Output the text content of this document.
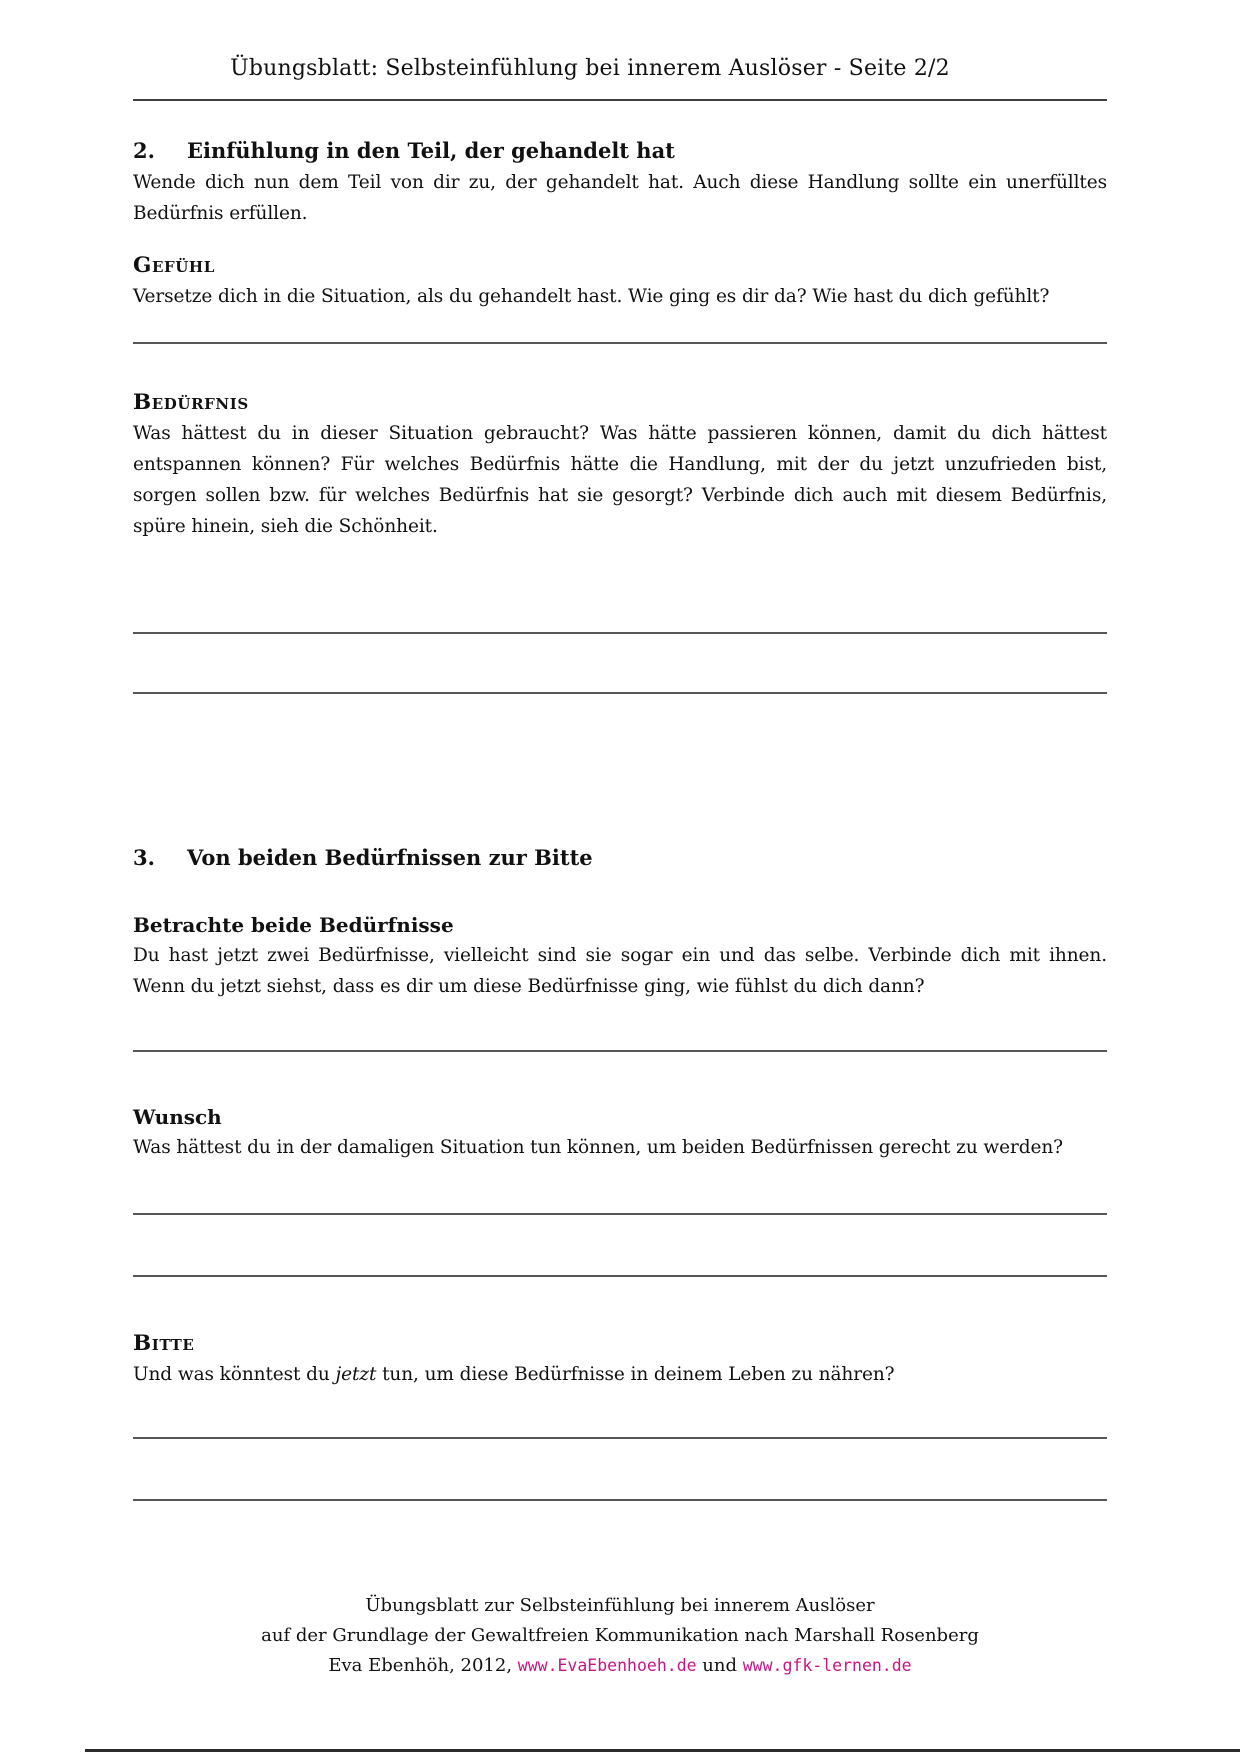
Übungsblatt: Selbsteinfühlung bei innerem Auslöser - Seite 2/2
2.	Einfühlung in den Teil, der gehandelt hat

Wende dich nun dem Teil von dir zu, der gehandelt hat. Auch diese Handlung sollte ein unerfülltes Bedürfnis erfüllen.

Gefühl

Versetze dich in die Situation, als du gehandelt hast. Wie ging es dir da? Wie hast du dich gefühlt?

Bedürfnis

Was hättest du in dieser Situation gebraucht? Was hätte passieren können, damit du dich hättest entspannen können? Für welches Bedürfnis hätte die Handlung, mit der du jetzt unzufrieden bist, sorgen sollen bzw. für welches Bedürfnis hat sie gesorgt? Verbinde dich auch mit diesem Bedürfnis, spüre hinein, sieh die Schönheit.

3.	Von beiden Bedürfnissen zur Bitte
Betrachte beide Bedürfnisse

Du hast jetzt zwei Bedürfnisse, vielleicht sind sie sogar ein und das selbe. Verbinde dich mit ihnen. Wenn du jetzt siehst, dass es dir um diese Bedürfnisse ging, wie fühlst du dich dann?

Wunsch

Was hättest du in der damaligen Situation tun können, um beiden Bedürfnissen gerecht zu werden?

Bitte

Und was könntest du jetzt tun, um diese Bedürfnisse in deinem Leben zu nähren?

Übungsblatt zur Selbsteinfühlung bei innerem Auslöser
auf der Grundlage der Gewaltfreien Kommunikation nach Marshall Rosenberg
Eva Ebenhöh, 2012, www.EvaEbenhoeh.de und www.gfk-lernen.de
